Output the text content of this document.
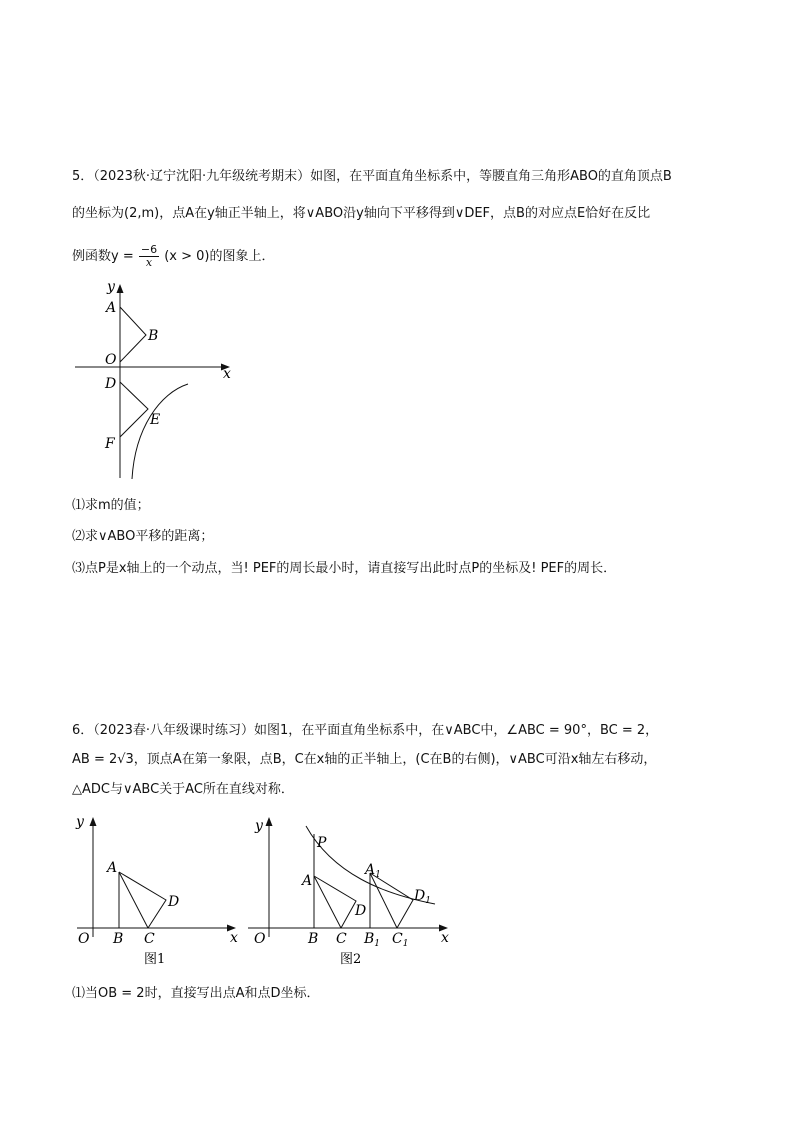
5．（2023秋·辽宁沈阳·九年级统考期末）如图，在平面直角坐标系中，等腰直角三角形ABO的直角顶点B
的坐标为(2,m)，点A在y轴正半轴上，将∨ABO沿y轴向下平移得到∨DEF，点B的对应点E恰好在反比
例函数$y = \frac{-6}{x} (x > 0)$的图象上．
y
x
A
B
O
D
E
F
⑴求m的值；
⑵求∨ABO平移的距离；
⑶点P是x轴上的一个动点，当! PEF的周长最小时，请直接写出此时点P的坐标及! PEF的周长．
6．（2023春·八年级课时练习）如图1，在平面直角坐标系中，在∨ABC中，∠ABC = 90°，BC = 2，
AB = 2√3，顶点A在第一象限，点B，C在x轴的正半轴上，(C在B的右侧)，∨ABC可沿x轴左右移动，
△ADC与∨ABC关于AC所在直线对称．
y
x
A
D
O B C
图1
y
x
P
A
$A_1$
$D_1$
D
O	B C $B_1$ $C_1$
图2
⑴当OB = 2时，直接写出点A和点D坐标．
